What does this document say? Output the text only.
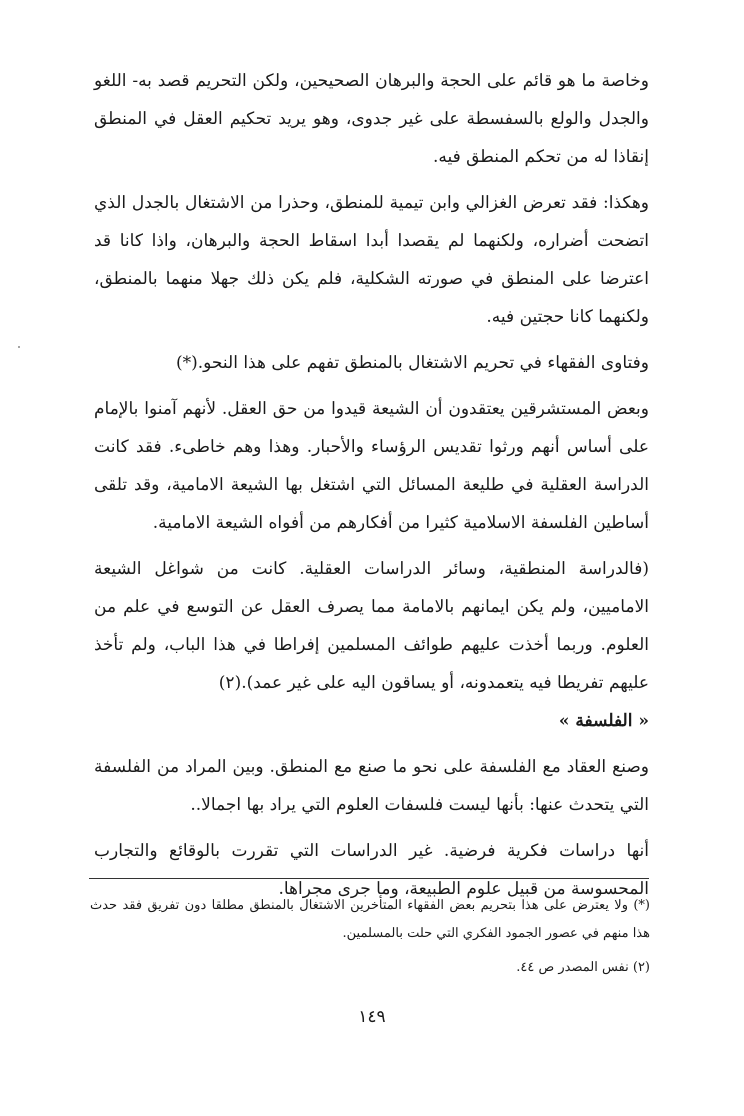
وخاصة ما هو قائم على الحجة والبرهان الصحيحين، ولكن التحريم قصد به- اللغو والجدل والولع بالسفسطة على غير جدوى، وهو يريد تحكيم العقل في المنطق إنقاذا له من تحكم المنطق فيه.

وهكذا: فقد تعرض الغزالي وابن تيمية للمنطق، وحذرا من الاشتغال بالجدل الذي اتضحت أضراره، ولكنهما لم يقصدا أبدا اسقاط الحجة والبرهان، واذا كانا قد اعترضا على المنطق في صورته الشكلية، فلم يكن ذلك جهلا منهما بالمنطق، ولكنهما كانا حجتين فيه.

وفتاوى الفقهاء في تحريم الاشتغال بالمنطق تفهم على هذا النحو.(*)

وبعض المستشرقين يعتقدون أن الشيعة قيدوا من حق العقل. لأنهم آمنوا بالإمام على أساس أنهم ورثوا تقديس الرؤساء والأحبار. وهذا وهم خاطىء. فقد كانت الدراسة العقلية في طليعة المسائل التي اشتغل بها الشيعة الامامية، وقد تلقى أساطين الفلسفة الاسلامية كثيرا من أفكارهم من أفواه الشيعة الامامية.

(فالدراسة المنطقية، وسائر الدراسات العقلية. كانت من شواغل الشيعة الاماميين، ولم يكن ايمانهم بالامامة مما يصرف العقل عن التوسع في علم من العلوم. وربما أخذت عليهم طوائف المسلمين إفراطا في هذا الباب، ولم تأخذ عليهم تفريطا فيه يتعمدونه، أو يساقون اليه على غير عمد).(٢)

« الفلسفة »

وصنع العقاد مع الفلسفة على نحو ما صنع مع المنطق. وبين المراد من الفلسفة التي يتحدث عنها: بأنها ليست فلسفات العلوم التي يراد بها اجمالا..

أنها دراسات فكرية فرضية. غير الدراسات التي تقررت بالوقائع والتجارب المحسوسة من قبيل علوم الطبيعة، وما جرى مجراها.

(*) ولا يعترض على هذا بتحريم بعض الفقهاء المتأخرين الاشتغال بالمنطق مطلقا دون تفريق فقد حدث هذا منهم في عصور الجمود الفكري التي حلت بالمسلمين.

(٢) نفس المصدر ص ٤٤.

١٤٩
